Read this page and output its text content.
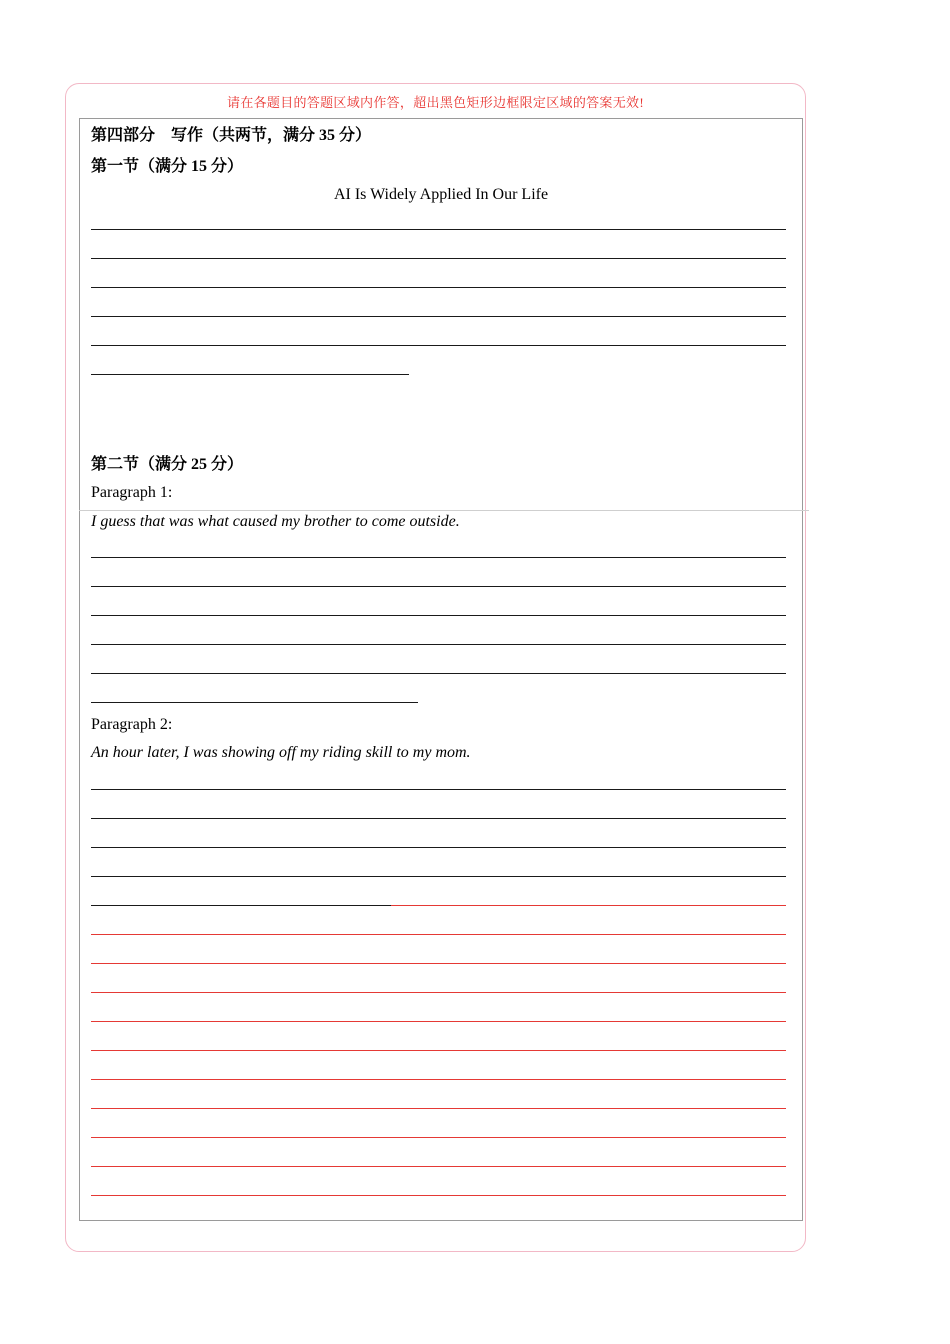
请在各题目的答题区域内作答，超出黑色矩形边框限定区域的答案无效!
第四部分　写作（共两节，满分 35 分）
第一节（满分 15 分）
AI Is Widely Applied In Our Life
第二节（满分 25 分）
Paragraph 1:
I guess that was what caused my brother to come outside.
Paragraph 2:
An hour later, I was showing off my riding skill to my mom.
